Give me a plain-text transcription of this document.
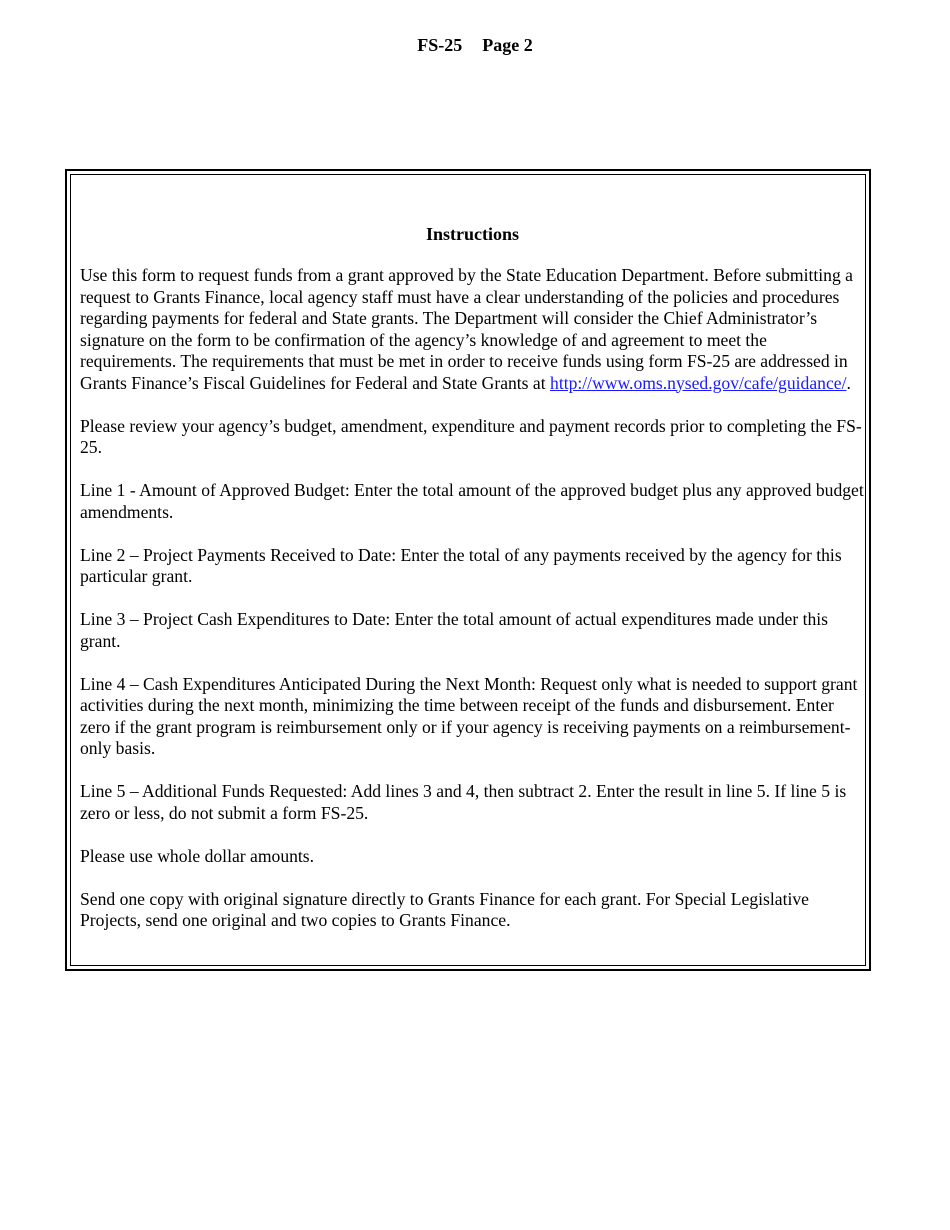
FS-25 Page 2
Instructions

Use this form to request funds from a grant approved by the State Education Department. Before submitting a request to Grants Finance, local agency staff must have a clear understanding of the policies and procedures regarding payments for federal and State grants. The Department will consider the Chief Administrator’s signature on the form to be confirmation of the agency’s knowledge of and agreement to meet the requirements. The requirements that must be met in order to receive funds using form FS-25 are addressed in Grants Finance’s Fiscal Guidelines for Federal and State Grants at http://www.oms.nysed.gov/cafe/guidance/.

Please review your agency’s budget, amendment, expenditure and payment records prior to completing the FS-25.

Line 1 - Amount of Approved Budget: Enter the total amount of the approved budget plus any approved budget amendments.

Line 2 – Project Payments Received to Date: Enter the total of any payments received by the agency for this particular grant.

Line 3 – Project Cash Expenditures to Date: Enter the total amount of actual expenditures made under this grant.

Line 4 – Cash Expenditures Anticipated During the Next Month: Request only what is needed to support grant activities during the next month, minimizing the time between receipt of the funds and disbursement. Enter zero if the grant program is reimbursement only or if your agency is receiving payments on a reimbursement-only basis.

Line 5 – Additional Funds Requested: Add lines 3 and 4, then subtract 2. Enter the result in line 5. If line 5 is zero or less, do not submit a form FS-25.

Please use whole dollar amounts.

Send one copy with original signature directly to Grants Finance for each grant. For Special Legislative Projects, send one original and two copies to Grants Finance.
